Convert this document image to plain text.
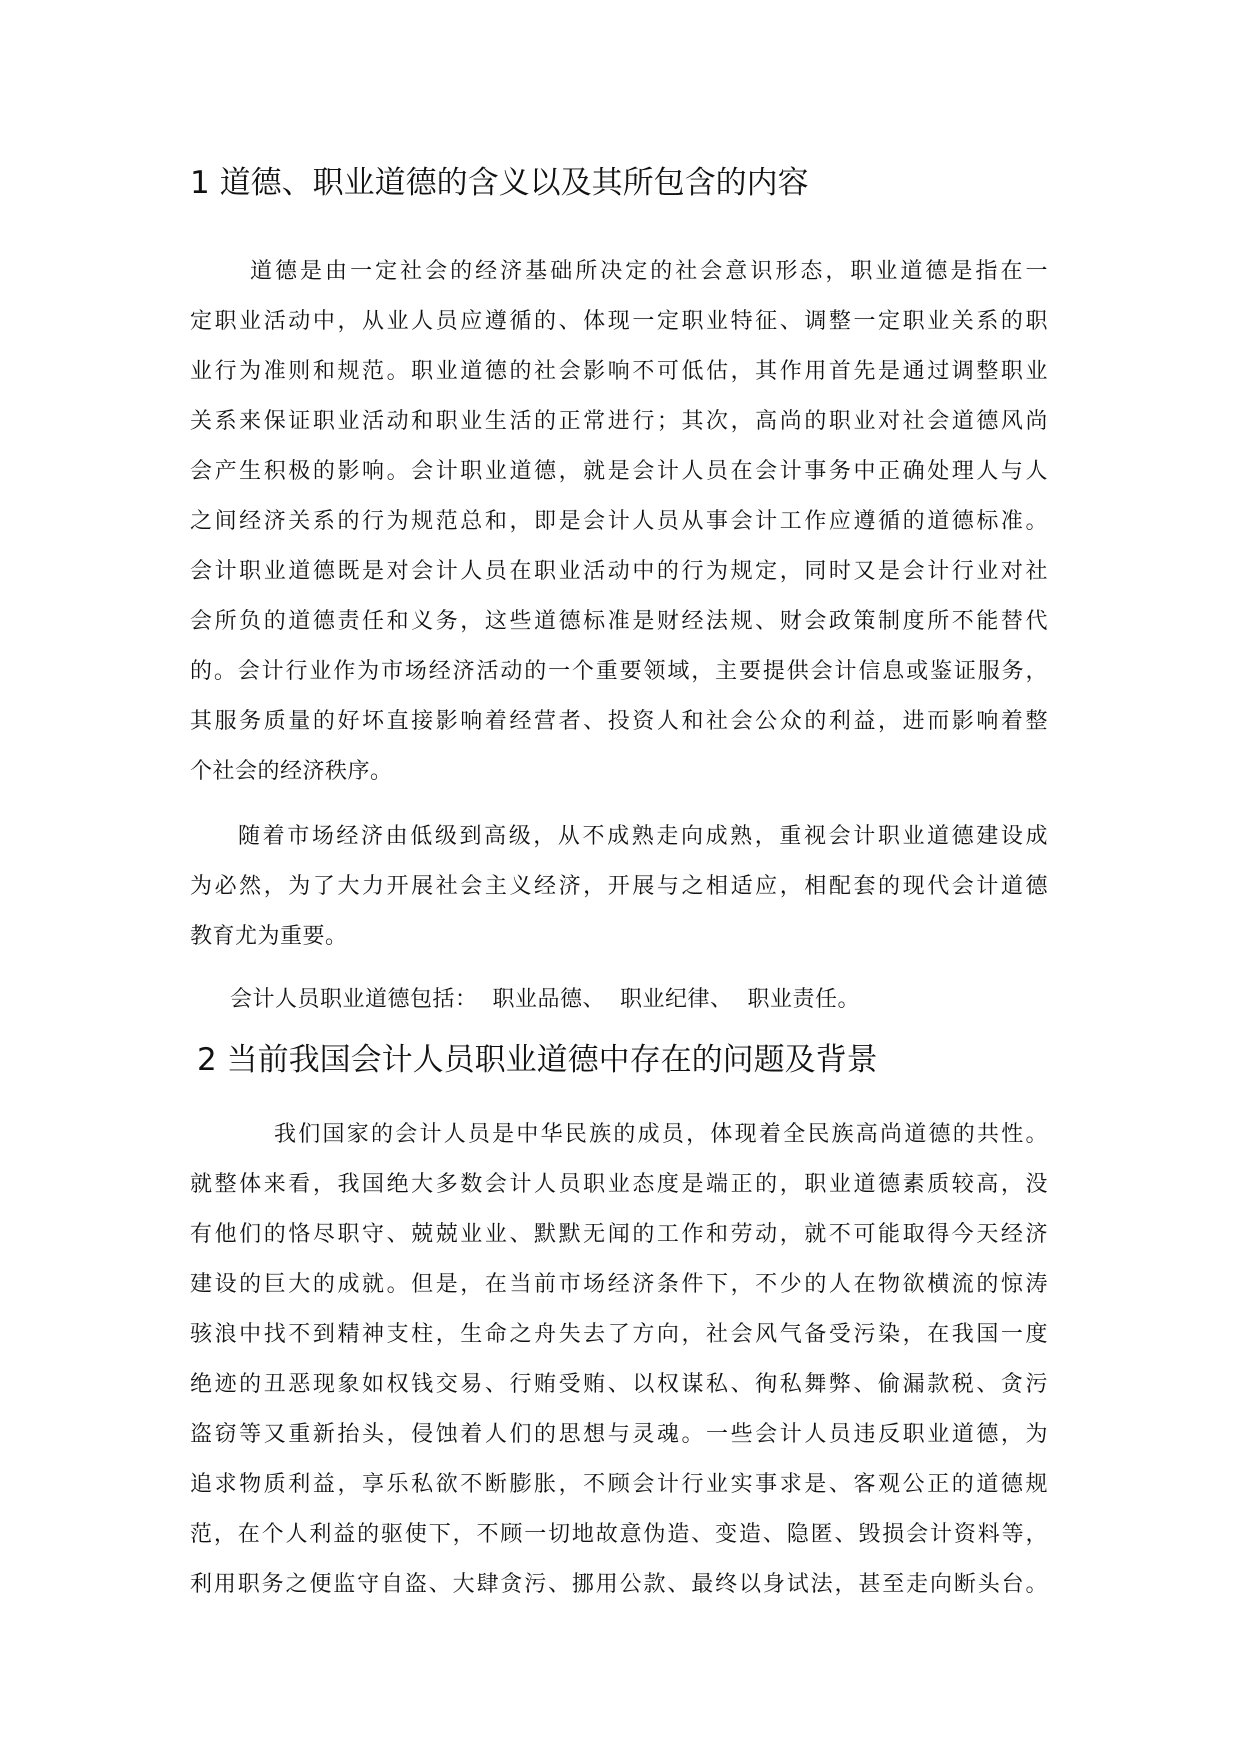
1 道德、职业道德的含义以及其所包含的内容
道德是由一定社会的经济基础所决定的社会意识形态，职业道德是指在一
定职业活动中，从业人员应遵循的、体现一定职业特征、调整一定职业关系的职
业行为准则和规范。职业道德的社会影响不可低估，其作用首先是通过调整职业
关系来保证职业活动和职业生活的正常进行；其次，高尚的职业对社会道德风尚
会产生积极的影响。会计职业道德，就是会计人员在会计事务中正确处理人与人
之间经济关系的行为规范总和，即是会计人员从事会计工作应遵循的道德标准。
会计职业道德既是对会计人员在职业活动中的行为规定，同时又是会计行业对社
会所负的道德责任和义务，这些道德标准是财经法规、财会政策制度所不能替代
的。会计行业作为市场经济活动的一个重要领域，主要提供会计信息或鉴证服务，
其服务质量的好坏直接影响着经营者、投资人和社会公众的利益，进而影响着整
个社会的经济秩序。
随着市场经济由低级到高级，从不成熟走向成熟，重视会计职业道德建设成
为必然，为了大力开展社会主义经济，开展与之相适应，相配套的现代会计道德
教育尤为重要。
会计人员职业道德包括：  职业品德、  职业纪律、  职业责任。
2 当前我国会计人员职业道德中存在的问题及背景
我们国家的会计人员是中华民族的成员，体现着全民族高尚道德的共性。
就整体来看，我国绝大多数会计人员职业态度是端正的，职业道德素质较高，没
有他们的恪尽职守、兢兢业业、默默无闻的工作和劳动，就不可能取得今天经济
建设的巨大的成就。但是，在当前市场经济条件下，不少的人在物欲横流的惊涛
骇浪中找不到精神支柱，生命之舟失去了方向，社会风气备受污染，在我国一度
绝迹的丑恶现象如权钱交易、行贿受贿、以权谋私、徇私舞弊、偷漏款税、贪污
盗窃等又重新抬头，侵蚀着人们的思想与灵魂。一些会计人员违反职业道德，为
追求物质利益，享乐私欲不断膨胀，不顾会计行业实事求是、客观公正的道德规
范，在个人利益的驱使下，不顾一切地故意伪造、变造、隐匿、毁损会计资料等，
利用职务之便监守自盗、大肆贪污、挪用公款、最终以身试法，甚至走向断头台。
